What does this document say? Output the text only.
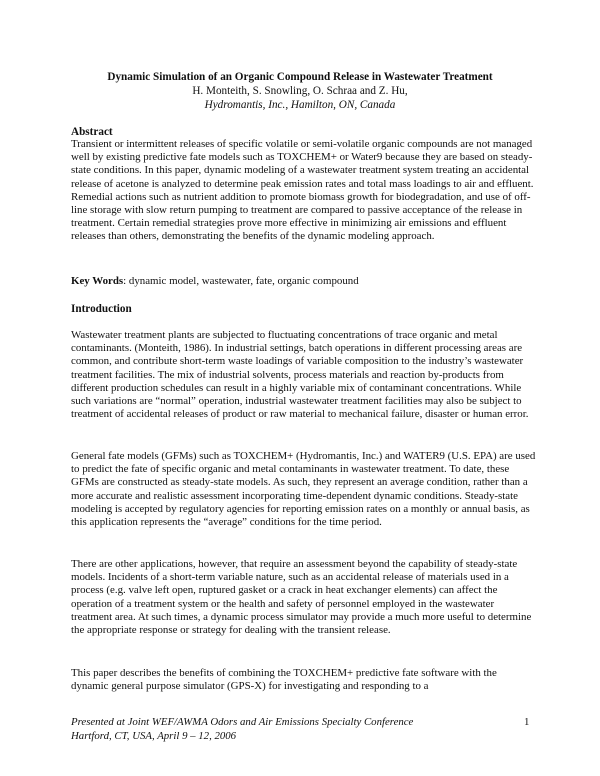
Dynamic Simulation of an Organic Compound Release in Wastewater Treatment
H. Monteith, S. Snowling, O. Schraa and Z. Hu,
Hydromantis, Inc., Hamilton, ON, Canada
Abstract

Transient or intermittent releases of specific volatile or semi-volatile organic compounds are not managed well by existing predictive fate models such as TOXCHEM+ or Water9 because they are based on steady-state conditions. In this paper, dynamic modeling of a wastewater treatment system treating an accidental release of acetone is analyzed to determine peak emission rates and total mass loadings to air and effluent. Remedial actions such as nutrient addition to promote biomass growth for biodegradation, and use of off-line storage with slow return pumping to treatment are compared to passive acceptance of the release in treatment. Certain remedial strategies prove more effective in minimizing air emissions and effluent releases than others, demonstrating the benefits of the dynamic modeling approach.

Key Words: dynamic model, wastewater, fate, organic compound
Introduction

Wastewater treatment plants are subjected to fluctuating concentrations of trace organic and metal contaminants. (Monteith, 1986). In industrial settings, batch operations in different processing areas are common, and contribute short-term waste loadings of variable composition to the industry’s wastewater treatment facilities. The mix of industrial solvents, process materials and reaction by-products from different production schedules can result in a highly variable mix of contaminant concentrations. While such variations are “normal” operation, industrial wastewater treatment facilities may also be subject to treatment of accidental releases of product or raw material to mechanical failure, disaster or human error.

General fate models (GFMs) such as TOXCHEM+ (Hydromantis, Inc.) and WATER9 (U.S. EPA) are used to predict the fate of specific organic and metal contaminants in wastewater treatment. To date, these GFMs are constructed as steady-state models. As such, they represent an average condition, rather than a more accurate and realistic assessment incorporating time-dependent dynamic conditions. Steady-state modeling is accepted by regulatory agencies for reporting emission rates on a monthly or annual basis, as this application represents the “average” conditions for the time period.

There are other applications, however, that require an assessment beyond the capability of steady-state models. Incidents of a short-term variable nature, such as an accidental release of materials used in a process (e.g. valve left open, ruptured gasket or a crack in heat exchanger elements) can affect the operation of a treatment system or the health and safety of personnel employed in the wastewater treatment area. At such times, a dynamic process simulator may provide a much more useful to determine the appropriate response or strategy for dealing with the transient release.

This paper describes the benefits of combining the TOXCHEM+ predictive fate software with the dynamic general purpose simulator (GPS-X) for investigating and responding to a

Presented at Joint WEF/AWMA Odors and Air Emissions Specialty Conference
Hartford, CT, USA, April 9 – 12, 2006
1
